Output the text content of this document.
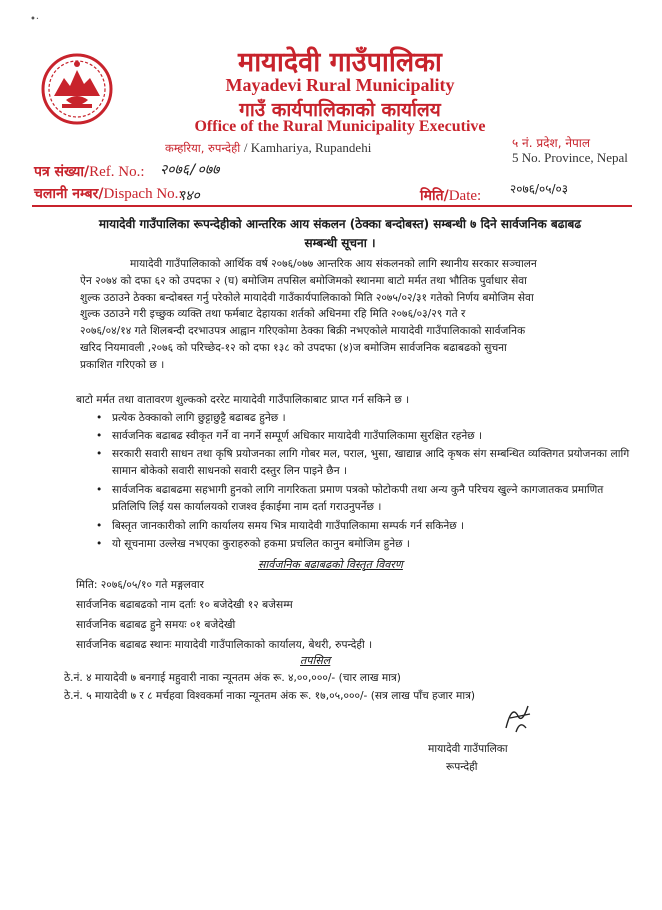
•·
मायादेवी गाउँपालिका
Mayadevi Rural Municipality
गाउँ कार्यपालिकाको कार्यालय
Office of the Rural Municipality Executive
कम्हरिया, रुपन्देही / Kamhariya, Rupandehi	५ नं. प्रदेश, नेपाल
5 No. Province, Nepal
पत्र संख्या/Ref. No.: २०७६/०७७
चलानी नम्बर/Dispach No.:
९४०	मिति/Date: २०७६/०५/०३
मायादेवी गाउँपालिका रूपन्देहीको आन्तरिक आय संकलन (ठेक्का बन्दोबस्त) सम्बन्धी ७ दिने सार्वजनिक बढाबढ
सम्बन्धी सूचना ।
मायादेवी गाउँपालिकाको आर्थिक वर्ष २०७६/०७७ आन्तरिक आय संकलनको लागि स्थानीय सरकार सञ्चालन
ऐन २०७४ को दफा ६२ को उपदफा २ (घ) बमोजिम तपसिल बमोजिमको स्थानमा बाटो मर्मत तथा भौतिक पुर्वाधार सेवा
शुल्क उठाउने ठेक्का बन्दोबस्त गर्नु परेकोले मायादेवी गाउँकार्यपालिकाको मिति २०७५/०२/३१ गतेको निर्णय बमोजिम सेवा
शुल्क उठाउने गरी इच्छुक व्यक्ति तथा फर्मबाट देहायका शर्तको अधिनमा रहि मिति २०७६/०३/२९ गते र
२०७६/०४/१४ गते शिलबन्दी दरभाउपत्र आह्वान गरिएकोमा ठेक्का बिक्री नभएकोले मायादेवी गाउँपालिकाको सार्वजनिक
खरिद नियमावली ,२०७६ को परिच्छेद-१२ को दफा १३८ को उपदफा (४)ज बमोजिम सार्वजनिक बढाबढको सुचना
प्रकाशित गरिएको छ ।
बाटो मर्मत तथा वातावरण शुल्कको दररेट मायादेवी गाउँपालिकाबाट प्राप्त गर्न सकिने छ ।
• प्रत्येक ठेक्काको लागि छुट्टाछुट्टै बढाबढ हुनेछ ।
• सार्वजनिक बढाबढ स्वीकृत गर्ने वा नगर्ने सम्पूर्ण अधिकार मायादेवी गाउँपालिकामा सुरक्षित रहनेछ ।
• सरकारी सवारी साधन तथा कृषि प्रयोजनका लागि गोबर मल, पराल, भुसा, खाद्यान्न आदि कृषक संग सम्बन्धित व्यक्तिगत प्रयोजनका लागि सामान बोकेको सवारी साधनको सवारी दस्तुर लिन पाइने छैन ।
• सार्वजनिक बढाबढमा सहभागी हुनको लागि नागरिकता प्रमाण पत्रको फोटोकपी तथा अन्य कुनै परिचय खुल्ने कागजातकव प्रमाणित प्रतिलिपि लिई यस कार्यालयको राजश्व ईकाईमा नाम दर्ता गराउनुपर्नेछ ।
• बिस्तृत जानकारीको लागि कार्यालय समय भित्र मायादेवी गाउँपालिकामा सम्पर्क गर्न सकिनेछ ।
• यो सूचनामा उल्लेख नभएका कुराहरुको हकमा प्रचलित कानुन बमोजिम हुनेछ ।
सार्वजनिक बढाबढको विस्तृत विवरण
मिति: २०७६/०५/१० गते मङ्गलवार
सार्वजनिक बढाबढको नाम दर्ताः १० बजेदेखी १२ बजेसम्म
सार्वजनिक बढाबढ हुने समयः ०१ बजेदेखी
सार्वजनिक बढाबढ स्थानः मायादेवी गाउँपालिकाको कार्यालय, बेथरी, रुपन्देही ।
तपसिल
ठे.नं. ४ मायादेवी ७ बनगाई महुवारी नाका न्यूनतम अंक रू. ४,००,०००/- (चार लाख मात्र)
ठे.नं. ५ मायादेवी ७ र ८ मर्चहवा विश्वकर्मा नाका न्यूनतम अंक रू. १७,०५,०००/- (सत्र लाख पाँच हजार मात्र)
मायादेवी गाउँपालिका
रूपन्देही
